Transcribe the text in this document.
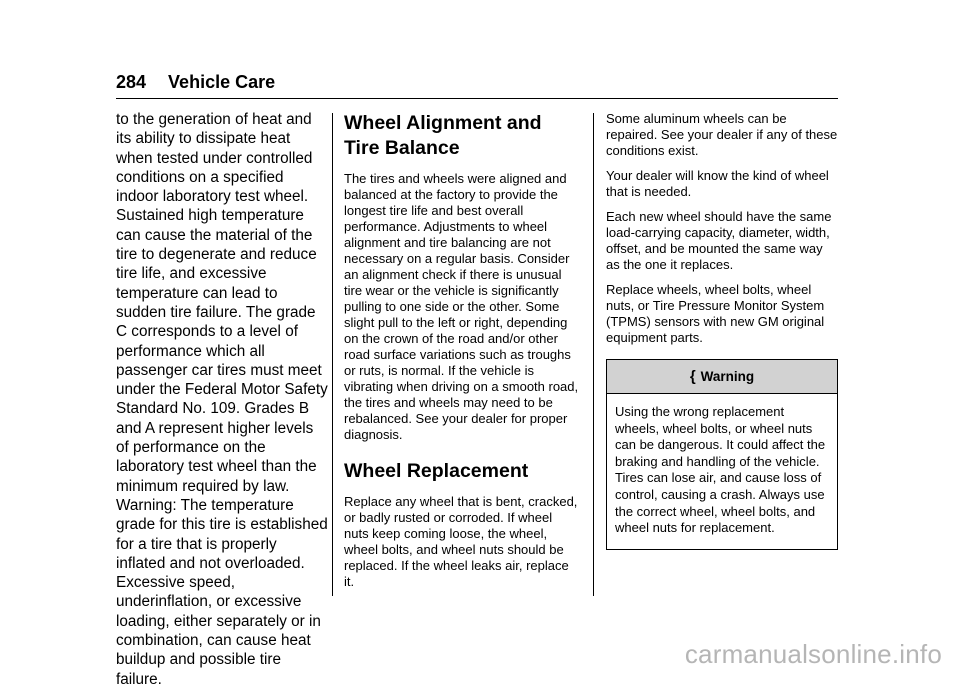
284 Vehicle Care

to the generation of heat and its ability to dissipate heat when tested under controlled conditions on a specified indoor laboratory test wheel. Sustained high temperature can cause the material of the tire to degenerate and reduce tire life, and excessive temperature can lead to sudden tire failure. The grade C corresponds to a level of performance which all passenger car tires must meet under the Federal Motor Safety Standard No. 109. Grades B and A represent higher levels of performance on the laboratory test wheel than the minimum required by law. Warning: The temperature grade for this tire is established for a tire that is properly inflated and not overloaded. Excessive speed, underinflation, or excessive loading, either separately or in combination, can cause heat buildup and possible tire failure.

Wheel Alignment and Tire Balance

The tires and wheels were aligned and balanced at the factory to provide the longest tire life and best overall performance. Adjustments to wheel alignment and tire balancing are not necessary on a regular basis. Consider an alignment check if there is unusual tire wear or the vehicle is significantly pulling to one side or the other. Some slight pull to the left or right, depending on the crown of the road and/or other road surface variations such as troughs or ruts, is normal. If the vehicle is vibrating when driving on a smooth road, the tires and wheels may need to be rebalanced. See your dealer for proper diagnosis.

Wheel Replacement

Replace any wheel that is bent, cracked, or badly rusted or corroded. If wheel nuts keep coming loose, the wheel, wheel bolts, and wheel nuts should be replaced. If the wheel leaks air, replace it.

Some aluminum wheels can be repaired. See your dealer if any of these conditions exist.

Your dealer will know the kind of wheel that is needed.

Each new wheel should have the same load-carrying capacity, diameter, width, offset, and be mounted the same way as the one it replaces.

Replace wheels, wheel bolts, wheel nuts, or Tire Pressure Monitor System (TPMS) sensors with new GM original equipment parts.

{ Warning

Using the wrong replacement wheels, wheel bolts, or wheel nuts can be dangerous. It could affect the braking and handling of the vehicle. Tires can lose air, and cause loss of control, causing a crash. Always use the correct wheel, wheel bolts, and wheel nuts for replacement.

carmanualsonline.info
